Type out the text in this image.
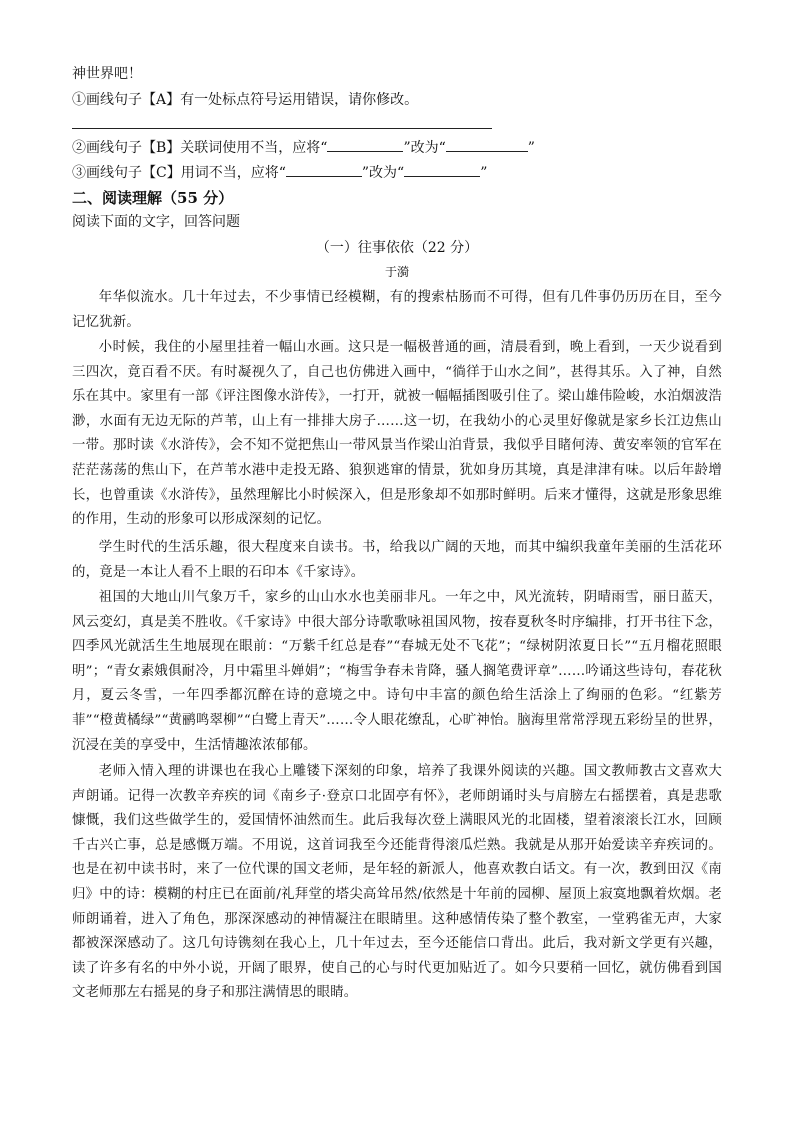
神世界吧！
①画线句子【A】有一处标点符号运用错误，请你修改。
②画线句子【B】关联词使用不当，应将“	”改为“	”
③画线句子【C】用词不当，应将“	”改为“	”
二、阅读理解（55 分）
阅读下面的文字，回答问题
（一）往事依依（22 分）
于漪
年华似流水。几十年过去，不少事情已经模糊，有的搜索枯肠而不可得，但有几件事仍历历在目，至今记忆犹新。
小时候，我住的小屋里挂着一幅山水画。这只是一幅极普通的画，清晨看到，晚上看到，一天少说看到三四次，竟百看不厌。有时凝视久了，自己也仿佛进入画中，“徜徉于山水之间”，甚得其乐。入了神，自然乐在其中。家里有一部《评注图像水浒传》，一打开，就被一幅幅插图吸引住了。梁山雄伟险峻，水泊烟波浩渺，水面有无边无际的芦苇，山上有一排排大房子……这一切，在我幼小的心灵里好像就是家乡长江边焦山一带。那时读《水浒传》，会不知不觉把焦山一带风景当作梁山泊背景，我似乎目睹何涛、黄安率领的官军在茫茫荡荡的焦山下，在芦苇水港中走投无路、狼狈逃窜的情景，犹如身历其境，真是津津有味。以后年龄增长，也曾重读《水浒传》，虽然理解比小时候深入，但是形象却不如那时鲜明。后来才懂得，这就是形象思维的作用，生动的形象可以形成深刻的记忆。
学生时代的生活乐趣，很大程度来自读书。书，给我以广阔的天地，而其中编织我童年美丽的生活花环的，竟是一本让人看不上眼的石印本《千家诗》。
祖国的大地山川气象万千，家乡的山山水水也美丽非凡。一年之中，风光流转，阴晴雨雪，丽日蓝天，风云変幻，真是美不胜收。《千家诗》中很大部分诗歌歌咏祖国风物，按春夏秋冬时序编排，打开书往下念，四季风光就活生生地展现在眼前：“万紫千红总是春”“春城无处不飞花”；“绿树阴浓夏日长”“五月榴花照眼明”；“青女素娥俱耐冷，月中霜里斗婵娟”；“梅雪争春未肯降，骚人搁笔费评章”……吟诵这些诗句，春花秋月，夏云冬雪，一年四季都沉醉在诗的意境之中。诗句中丰富的颜色给生活涂上了绚丽的色彩。“红紫芳菲”“橙黄橘绿”“黄鹂鸣翠柳”“白鹭上青天”……令人眼花缭乱，心旷神怡。脑海里常常浮现五彩纷呈的世界，沉浸在美的享受中，生活情趣浓浓郁郁。
老师入情入理的讲课也在我心上雕镂下深刻的印象，培养了我课外阅读的兴趣。国文教师教古文喜欢大声朗诵。记得一次教辛弃疾的词《南乡子·登京口北固亭有怀》，老师朗诵时头与肩膀左右摇摆着，真是悲歌慷慨，我们这些做学生的，爱国情怀油然而生。此后我每次登上满眼风光的北固楼，望着滚滚长江水，回顾千古兴亡事，总是感慨万端。不用说，这首词我至今还能背得滚瓜烂熟。我就是从那开始爱读辛弃疾词的。也是在初中读书时，来了一位代课的国文老师，是年轻的新派人，他喜欢教白话文。有一次，教到田汉《南归》中的诗：模糊的村庄已在面前/礼拜堂的塔尖高耸吊然/依然是十年前的园柳、屋顶上寂寞地飘着炊烟。老师朗诵着，进入了角色，那深深感动的神情凝注在眼睛里。这种感情传染了整个教室，一堂鸦雀无声，大家都被深深感动了。这几句诗镌刻在我心上，几十年过去，至今还能信口背出。此后，我对新文学更有兴趣，读了许多有名的中外小说，开阔了眼界，使自己的心与时代更加贴近了。如今只要稍一回忆，就仿佛看到国文老师那左右摇晃的身子和那注满情思的眼睛。
